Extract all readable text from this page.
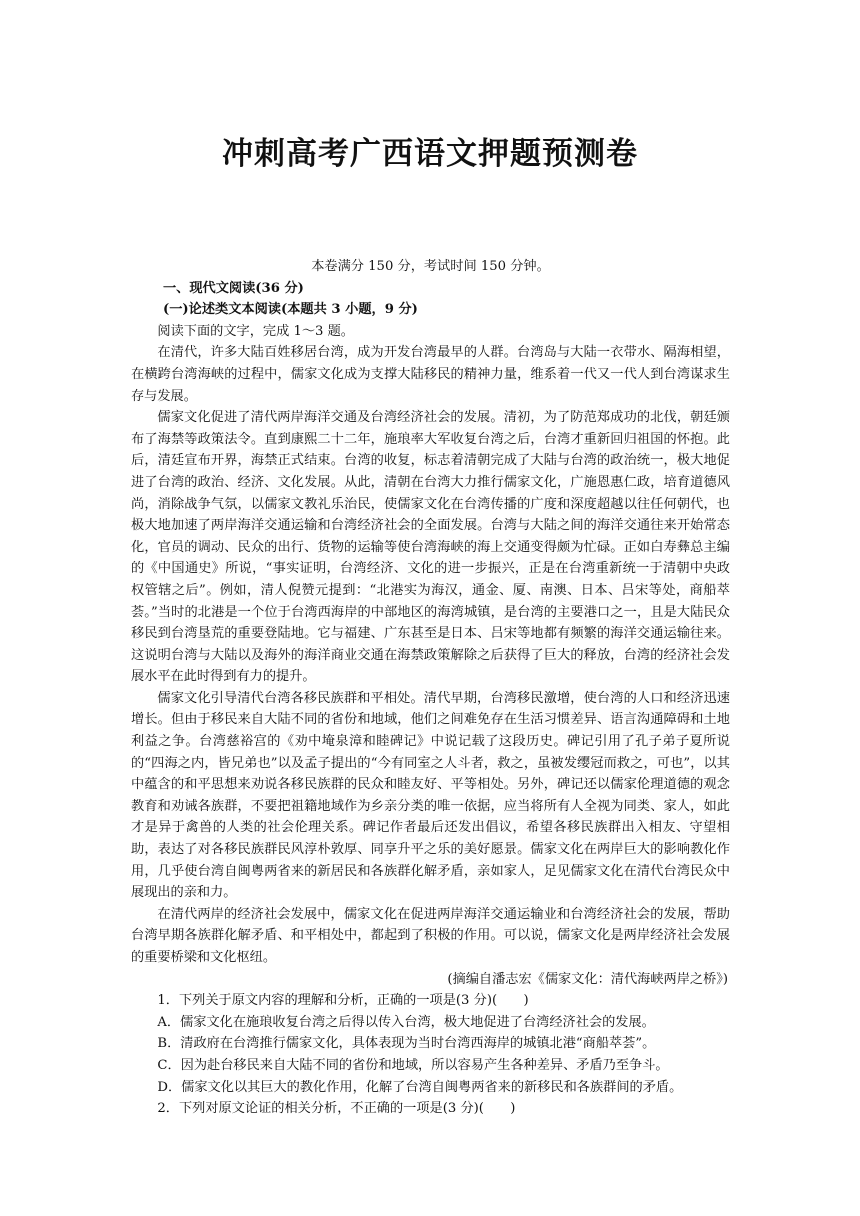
冲刺高考广西语文押题预测卷

本卷满分 150 分，考试时间 150 分钟。

一、现代文阅读(36 分)

(一)论述类文本阅读(本题共 3 小题，9 分)

阅读下面的文字，完成 1～3 题。

在清代，许多大陆百姓移居台湾，成为开发台湾最早的人群。台湾岛与大陆一衣带水、隔海相望，在横跨台湾海峡的过程中，儒家文化成为支撑大陆移民的精神力量，维系着一代又一代人到台湾谋求生存与发展。

儒家文化促进了清代两岸海洋交通及台湾经济社会的发展。清初，为了防范郑成功的北伐，朝廷颁布了海禁等政策法令。直到康熙二十二年，施琅率大军收复台湾之后，台湾才重新回归祖国的怀抱。此后，清廷宣布开界，海禁正式结束。台湾的收复，标志着清朝完成了大陆与台湾的政治统一，极大地促进了台湾的政治、经济、文化发展。从此，清朝在台湾大力推行儒家文化，广施恩惠仁政，培育道德风尚，消除战争气氛，以儒家文教礼乐治民，使儒家文化在台湾传播的广度和深度超越以往任何朝代，也极大地加速了两岸海洋交通运输和台湾经济社会的全面发展。台湾与大陆之间的海洋交通往来开始常态化，官员的调动、民众的出行、货物的运输等使台湾海峡的海上交通变得颇为忙碌。正如白寿彝总主编的《中国通史》所说，“事实证明，台湾经济、文化的进一步振兴，正是在台湾重新统一于清朝中央政权管辖之后”。例如，清人倪赞元提到：“北港实为海汉，通金、厦、南澳、日本、吕宋等处，商船萃荟。”当时的北港是一个位于台湾西海岸的中部地区的海湾城镇，是台湾的主要港口之一，且是大陆民众移民到台湾垦荒的重要登陆地。它与福建、广东甚至是日本、吕宋等地都有频繁的海洋交通运输往来。这说明台湾与大陆以及海外的海洋商业交通在海禁政策解除之后获得了巨大的释放，台湾的经济社会发展水平在此时得到有力的提升。

儒家文化引导清代台湾各移民族群和平相处。清代早期，台湾移民激增，使台湾的人口和经济迅速增长。但由于移民来自大陆不同的省份和地域，他们之间难免存在生活习惯差异、语言沟通障碍和土地利益之争。台湾慈裕宫的《劝中埯泉漳和睦碑记》中说记载了这段历史。碑记引用了孔子弟子夏所说的“四海之内，皆兄弟也”以及孟子提出的“今有同室之人斗者，救之，虽被发缨冠而救之，可也”，以其中蕴含的和平思想来劝说各移民族群的民众和睦友好、平等相处。另外，碑记还以儒家伦理道德的观念教育和劝诫各族群，不要把祖籍地域作为乡亲分类的唯一依据，应当将所有人全视为同类、家人，如此才是异于禽兽的人类的社会伦理关系。碑记作者最后还发出倡议，希望各移民族群出入相友、守望相助，表达了对各移民族群民风淳朴敦厚、同享升平之乐的美好愿景。儒家文化在两岸巨大的影响教化作用，几乎使台湾自闽粤两省来的新居民和各族群化解矛盾，亲如家人，足见儒家文化在清代台湾民众中展现出的亲和力。

在清代两岸的经济社会发展中，儒家文化在促进两岸海洋交通运输业和台湾经济社会的发展，帮助台湾早期各族群化解矛盾、和平相处中，都起到了积极的作用。可以说，儒家文化是两岸经济社会发展的重要桥梁和文化枢纽。

(摘编自潘志宏《儒家文化：清代海峡两岸之桥》)

1．下列关于原文内容的理解和分析，正确的一项是(3 分)(　　)

A．儒家文化在施琅收复台湾之后得以传入台湾，极大地促进了台湾经济社会的发展。

B．清政府在台湾推行儒家文化，具体表现为当时台湾西海岸的城镇北港“商船萃荟”。

C．因为赴台移民来自大陆不同的省份和地域，所以容易产生各种差异、矛盾乃至争斗。

D．儒家文化以其巨大的教化作用，化解了台湾自闽粤两省来的新移民和各族群间的矛盾。

2．下列对原文论证的相关分析，不正确的一项是(3 分)(　　)
